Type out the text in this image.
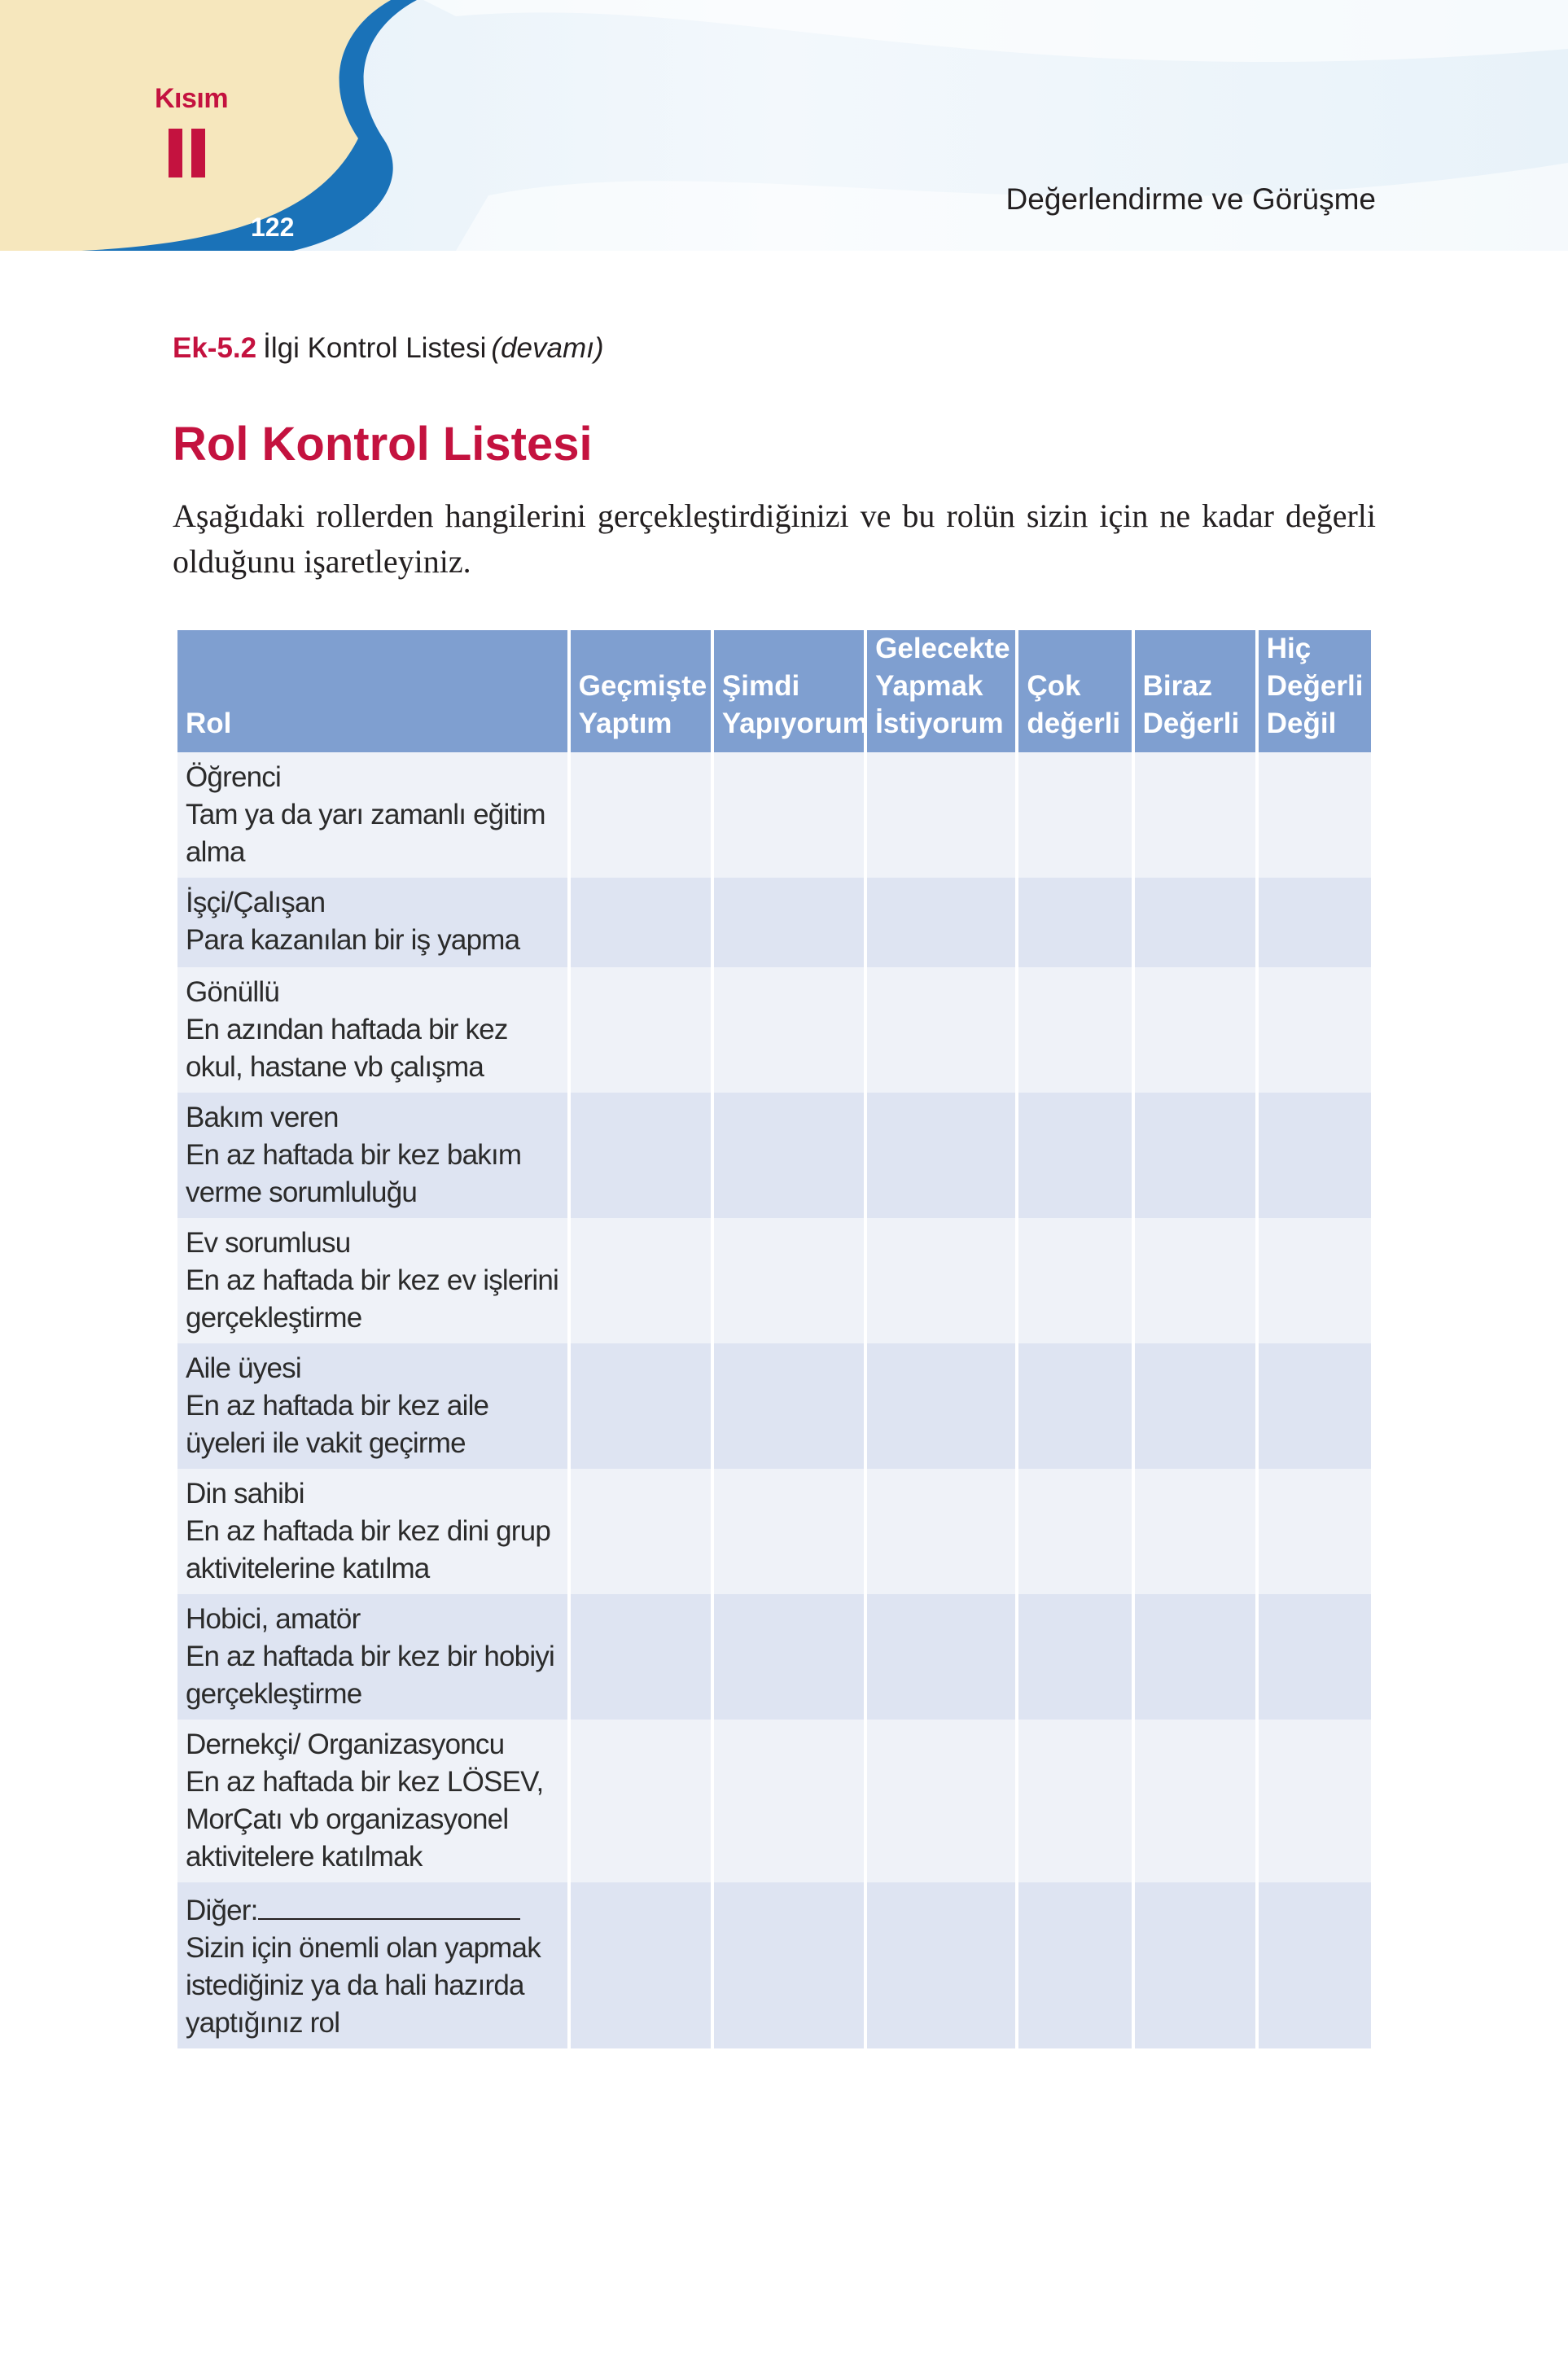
Kısım
122
Değerlendirme ve Görüşme
Ek-5.2 İlgi Kontrol Listesi (devamı)
Rol Kontrol Listesi

Aşağıdaki rollerden hangilerini gerçekleştirdiğinizi ve bu rolün sizin için ne kadar değerli olduğunu işaretleyiniz.

Rol	Geçmişte Yaptım	Şimdi Yapıyorum	Gelecekte Yapmak İstiyorum	Çok değerli	Biraz Değerli	Hiç Değerli Değil

Öğrenci
Tam ya da yarı zamanlı eğitim alma						

İşçi/Çalışan
Para kazanılan bir iş yapma						

Gönüllü
En azından haftada bir kez okul, hastane vb çalışma						

Bakım veren
En az haftada bir kez bakım verme sorumluluğu						

Ev sorumlusu
En az haftada bir kez ev işlerini gerçekleştirme						

Aile üyesi
En az haftada bir kez aile üyeleri ile vakit geçirme						

Din sahibi
En az haftada bir kez dini grup aktivitelerine katılma						

Hobici, amatör
En az haftada bir kez bir hobiyi gerçekleştirme						

Dernekçi/ Organizasyoncu
En az haftada bir kez LÖSEV, MorÇatı vb organizasyonel aktivitelere katılmak						

Diğer:
Sizin için önemli olan yapmak istediğiniz ya da hali hazırda yaptığınız rol						
